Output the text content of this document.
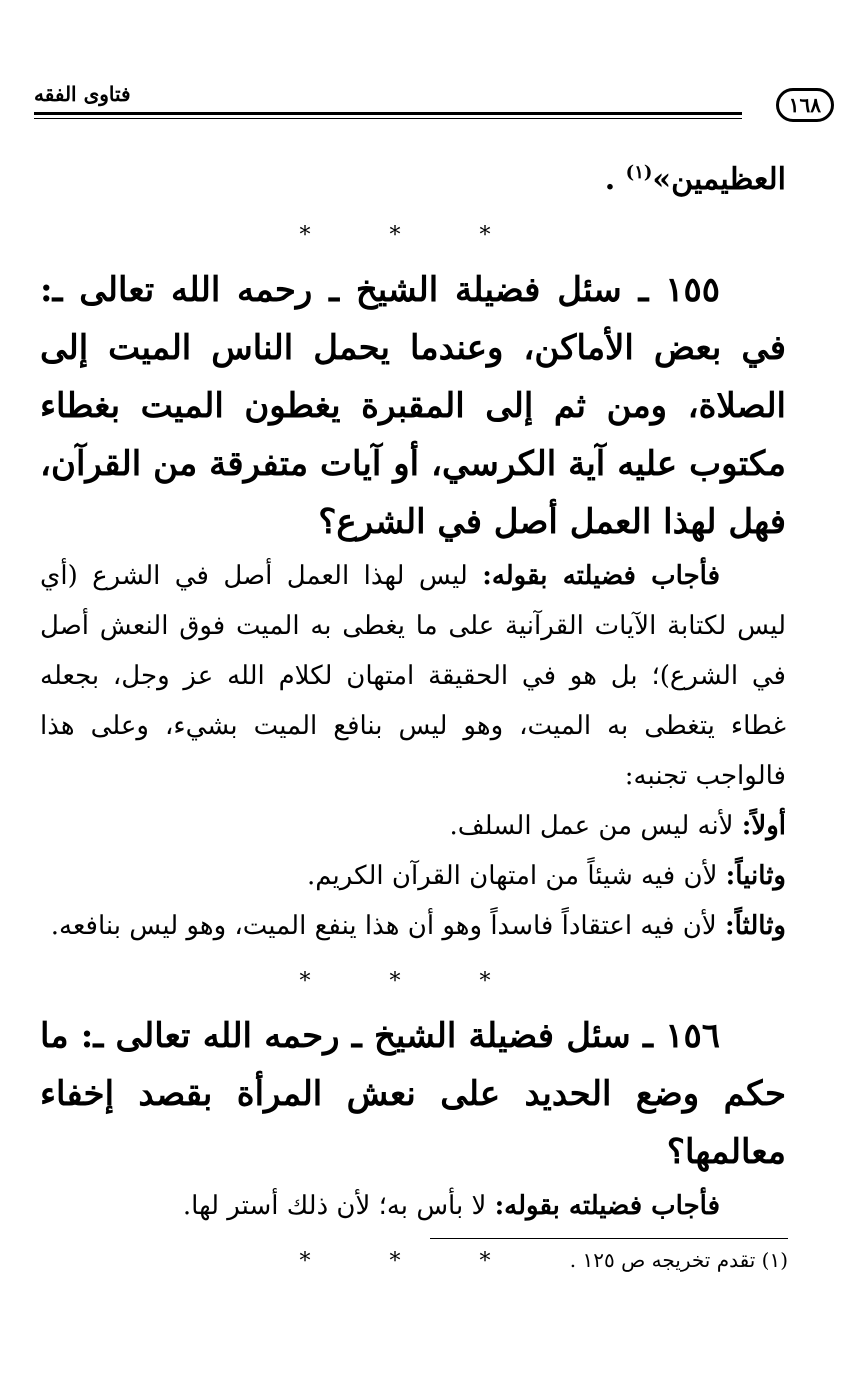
فتاوى الفقه	١٦٨

العظيمين»$^{(١)}$ .

* * *

١٥٥ ـ سئل فضيلة الشيخ ـ رحمه الله تعالى ـ: في بعض الأماكن، وعندما يحمل الناس الميت إلى الصلاة، ومن ثم إلى المقبرة يغطون الميت بغطاء مكتوب عليه آية الكرسي، أو آيات متفرقة من القرآن، فهل لهذا العمل أصل في الشرع؟

فأجاب فضيلته بقوله: ليس لهذا العمل أصل في الشرع (أي ليس لكتابة الآيات القرآنية على ما يغطى به الميت فوق النعش أصل في الشرع)؛ بل هو في الحقيقة امتهان لكلام الله عز وجل، بجعله غطاء يتغطى به الميت، وهو ليس بنافع الميت بشيء، وعلى هذا فالواجب تجنبه:

أولاً: لأنه ليس من عمل السلف.

وثانياً: لأن فيه شيئاً من امتهان القرآن الكريم.

وثالثاً: لأن فيه اعتقاداً فاسداً وهو أن هذا ينفع الميت، وهو ليس بنافعه.

* * *

١٥٦ ـ سئل فضيلة الشيخ ـ رحمه الله تعالى ـ: ما حكم وضع الحديد على نعش المرأة بقصد إخفاء معالمها؟

فأجاب فضيلته بقوله: لا بأس به؛ لأن ذلك أستر لها.

* * *	(١) تقدم تخريجه ص ١٢٥ .
